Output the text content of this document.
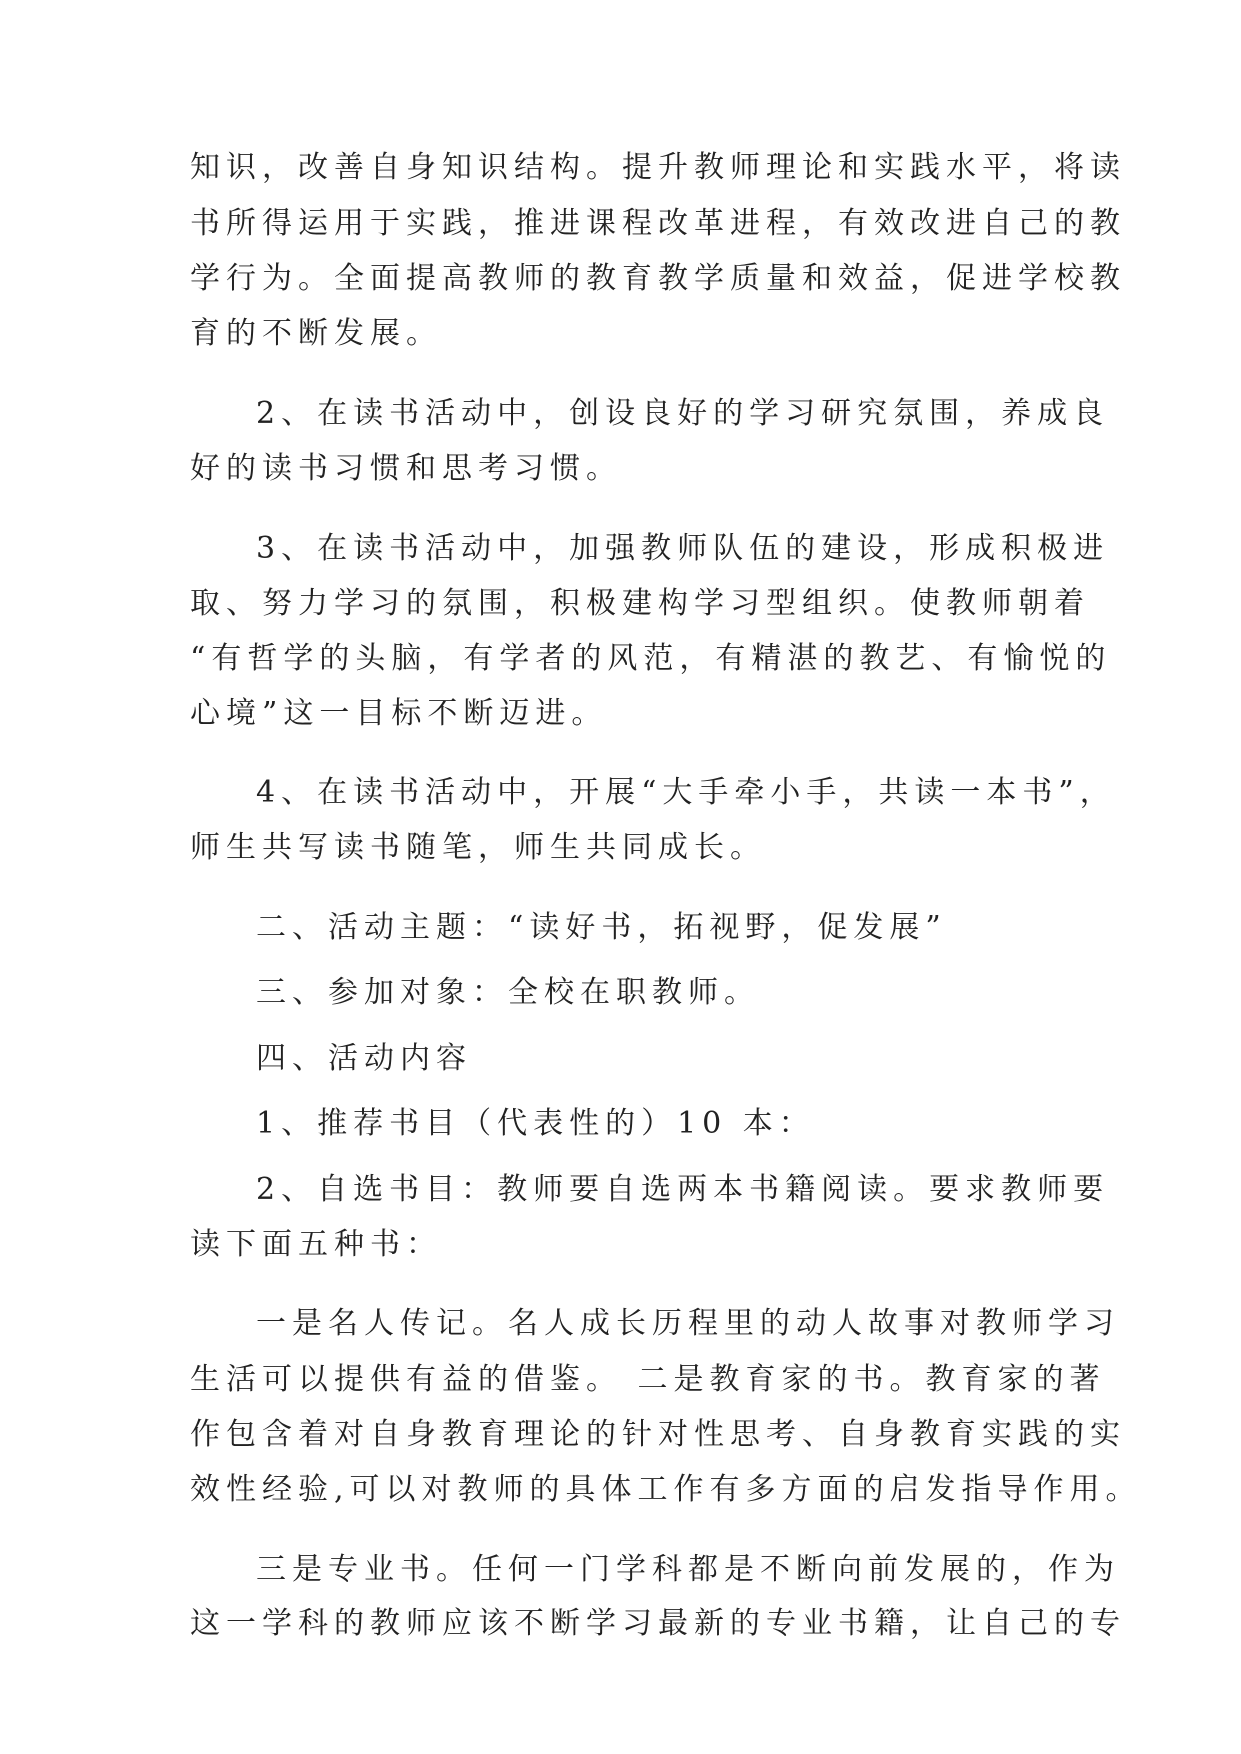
知识，改善自身知识结构。提升教师理论和实践水平，将读
书所得运用于实践，推进课程改革进程，有效改进自己的教
学行为。全面提高教师的教育教学质量和效益，促进学校教
育的不断发展。
2、在读书活动中，创设良好的学习研究氛围，养成良
好的读书习惯和思考习惯。
3、在读书活动中，加强教师队伍的建设，形成积极进
取、努力学习的氛围，积极建构学习型组织。使教师朝着
“有哲学的头脑，有学者的风范，有精湛的教艺、有愉悦的
心境”这一目标不断迈进。
4、在读书活动中，开展“大手牵小手，共读一本书”，
师生共写读书随笔，师生共同成长。
二、活动主题：“读好书，拓视野，促发展”
三、参加对象：全校在职教师。
四、活动内容
1、推荐书目（代表性的）10 本：
2、自选书目：教师要自选两本书籍阅读。要求教师要
读下面五种书：
一是名人传记。名人成长历程里的动人故事对教师学习
生活可以提供有益的借鉴。 二是教育家的书。教育家的著
作包含着对自身教育理论的针对性思考、自身教育实践的实
效性经验,可以对教师的具体工作有多方面的启发指导作用。
三是专业书。任何一门学科都是不断向前发展的，作为
这一学科的教师应该不断学习最新的专业书籍，让自己的专
